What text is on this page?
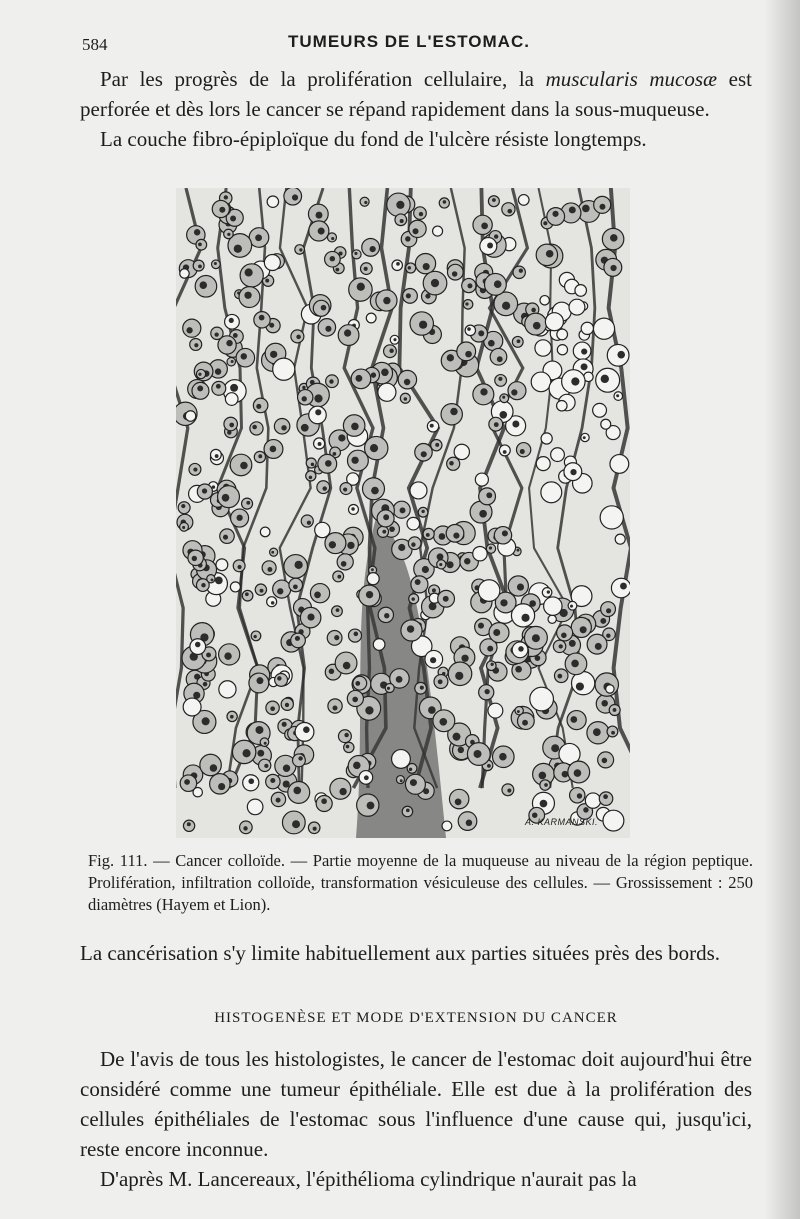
584	TUMEURS DE L'ESTOMAC.

Par les progrès de la prolifération cellulaire, la muscularis mucosæ est perforée et dès lors le cancer se répand rapidement dans la sous-muqueuse.

La couche fibro-épiploïque du fond de l'ulcère résiste longtemps.

A. KARMANSKI.

Fig. 111. — Cancer colloïde. — Partie moyenne de la muqueuse au niveau de la région peptique. Prolifération, infiltration colloïde, transformation vésiculeuse des cellules. — Grossissement : 250 diamètres (Hayem et Lion).

La cancérisation s'y limite habituellement aux parties situées près des bords.

HISTOGENÈSE ET MODE D'EXTENSION DU CANCER

De l'avis de tous les histologistes, le cancer de l'estomac doit aujourd'hui être considéré comme une tumeur épithéliale. Elle est due à la prolifération des cellules épithéliales de l'estomac sous l'influence d'une cause qui, jusqu'ici, reste encore inconnue.

D'après M. Lancereaux, l'épithélioma cylindrique n'aurait pas la
